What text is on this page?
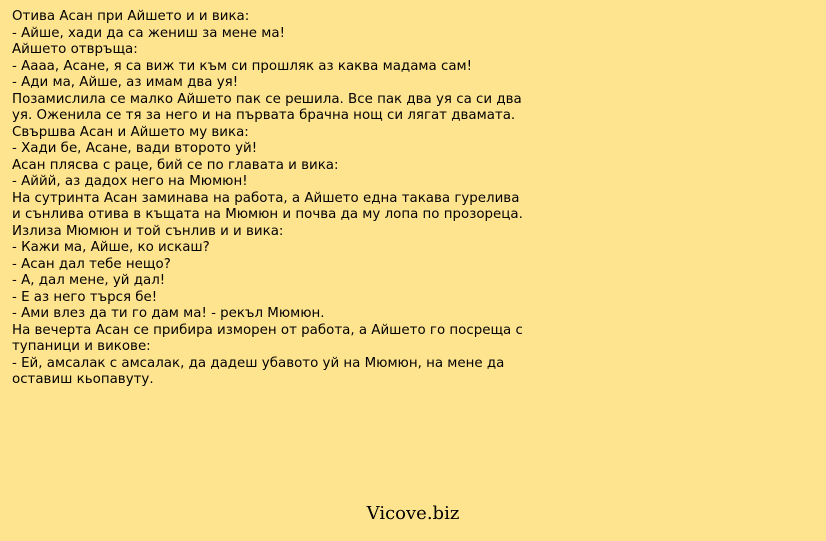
Отива Асан при Айшето и и вика:
- Айше, хади да са жениш за мене ма!
Айшето отвръща:
- Аааа, Асане, я са виж ти към си прошляк аз каква мадама сам!
- Ади ма, Айше, аз имам два уя!
Позамислила се малко Айшето пак се решила. Все пак два уя са си два
уя. Оженила се тя за него и на първата брачна нощ си лягат двамата.
Свършва Асан и Айшето му вика:
- Хади бе, Асане, вади второто уй!
Асан плясва с раце, бий се по главата и вика:
- Аййй, аз дадох него на Мюмюн!
На сутринта Асан заминава на работа, а Айшето една такава гурелива
и сънлива отива в къщата на Мюмюн и почва да му лопа по прозореца.
Излиза Мюмюн и той сънлив и и вика:
- Кажи ма, Айше, ко искаш?
- Асан дал тебе нещо?
- А, дал мене, уй дал!
- Е аз него търся бе!
- Ами влез да ти го дам ма! - рекъл Мюмюн.
На вечерта Асан се прибира изморен от работа, а Айшето го посреща с
тупаници и викове:
- Ей, амсалак с амсалак, да дадеш убавото уй на Мюмюн, на мене да
оставиш кьопавуту.
Vicove.biz
